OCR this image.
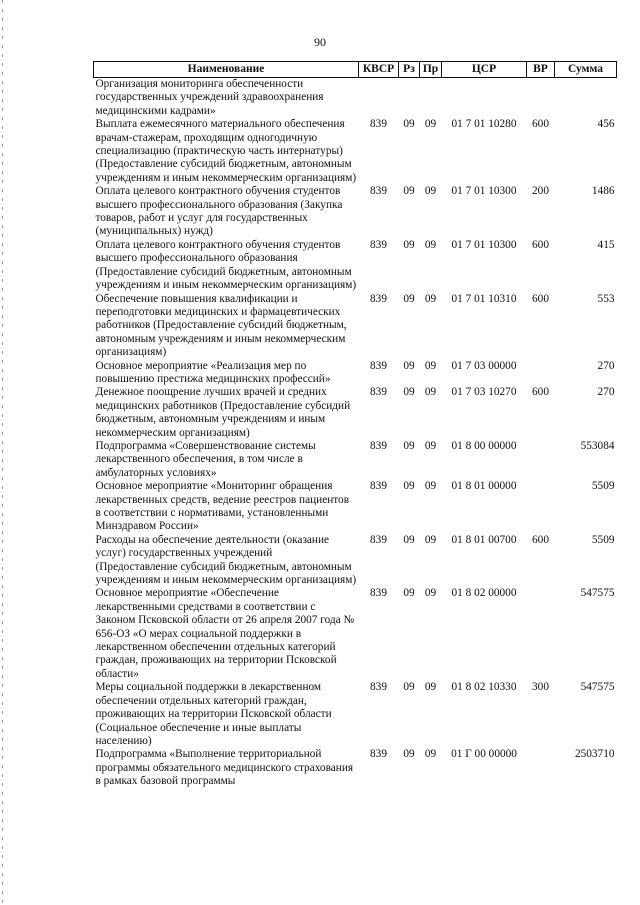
90
Наименование	КВСР	Рз	Пр	ЦСР	ВР	Сумма
Организация мониторинга обеспеченности государственных учреждений здравоохранения медицинскими кадрами»						
Выплата ежемесячного материального обеспечения врачам-стажерам, проходящим одногодичную специализацию (практическую часть интернатуры) (Предоставление субсидий бюджетным, автономным учреждениям и иным некоммерческим организациям)	839	09	09	01 7 01 10280	600	456
Оплата целевого контрактного обучения студентов высшего профессионального образования (Закупка товаров, работ и услуг для государственных (муниципальных) нужд)	839	09	09	01 7 01 10300	200	1486
Оплата целевого контрактного обучения студентов высшего профессионального образования (Предоставление субсидий бюджетным, автономным учреждениям и иным некоммерческим организациям)	839	09	09	01 7 01 10300	600	415
Обеспечение повышения квалификации и переподготовки медицинских и фармацевтических работников (Предоставление субсидий бюджетным, автономным учреждениям и иным некоммерческим организациям)	839	09	09	01 7 01 10310	600	553
Основное мероприятие «Реализация мер по повышению престижа медицинских профессий»	839	09	09	01 7 03 00000		270
Денежное поощрение лучших врачей и средних медицинских работников (Предоставление субсидий бюджетным, автономным учреждениям и иным некоммерческим организациям)	839	09	09	01 7 03 10270	600	270
Подпрограмма «Совершенствование системы лекарственного обеспечения, в том числе в амбулаторных условиях»	839	09	09	01 8 00 00000		553084
Основное мероприятие «Мониторинг обращения лекарственных средств, ведение реестров пациентов в соответствии с нормативами, установленными Минздравом России»	839	09	09	01 8 01 00000		5509
Расходы на обеспечение деятельности (оказание услуг) государственных учреждений (Предоставление субсидий бюджетным, автономным учреждениям и иным некоммерческим организациям)	839	09	09	01 8 01 00700	600	5509
Основное мероприятие «Обеспечение лекарственными средствами в соответствии с Законом Псковской области от 26 апреля 2007 года № 656-ОЗ «О мерах социальной поддержки в лекарственном обеспечении отдельных категорий граждан, проживающих на территории Псковской области»	839	09	09	01 8 02 00000		547575
Меры социальной поддержки в лекарственном обеспечении отдельных категорий граждан, проживающих на территории Псковской области (Социальное обеспечение и иные выплаты населению)	839	09	09	01 8 02 10330	300	547575
Подпрограмма «Выполнение территориальной программы обязательного медицинского страхования в рамках базовой программы	839	09	09	01 Г 00 00000		2503710
